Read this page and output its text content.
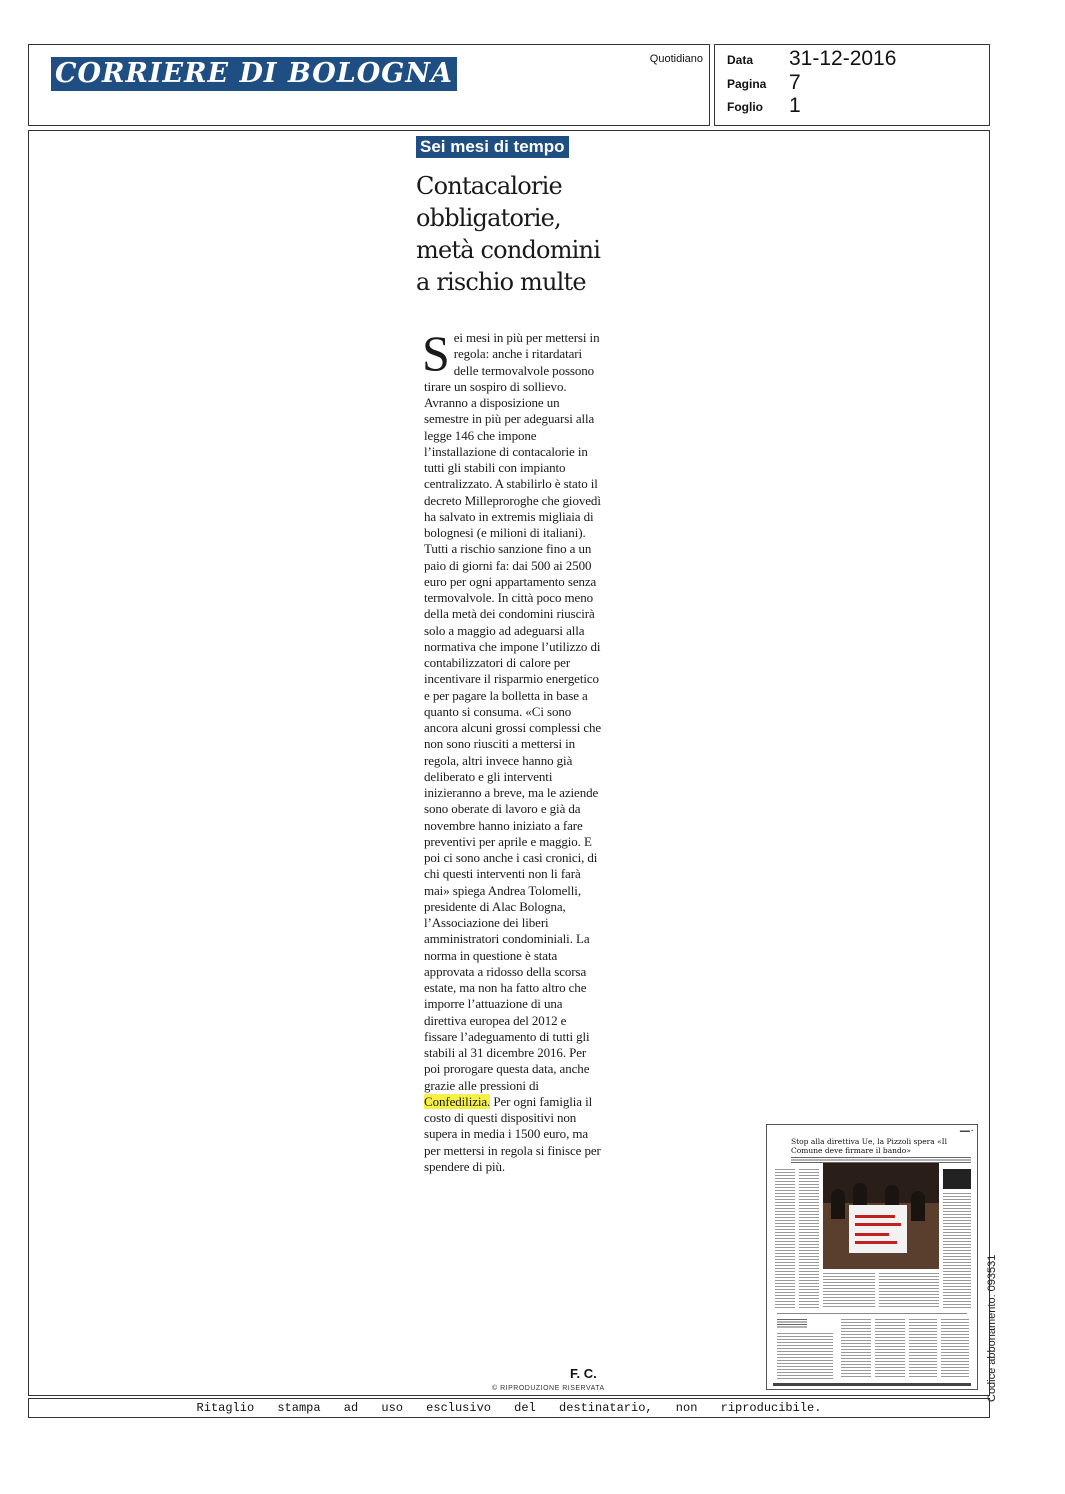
CORRIERE DI BOLOGNA	Quotidiano Data 31-12-2016
Pagina 7
Foglio 1
Sei mesi di tempo
Contacalorie obbligatorie, metà condomini a rischio multe

Sei mesi in più per mettersi in regola: anche i ritardatari delle termovalvole possono tirare un sospiro di sollievo. Avranno a disposizione un semestre in più per adeguarsi alla legge 146 che impone l’installazione di contacalorie in tutti gli stabili con impianto centralizzato. A stabilirlo è stato il decreto Milleproroghe che giovedì ha salvato in extremis migliaia di bolognesi (e milioni di italiani). Tutti a rischio sanzione fino a un paio di giorni fa: dai 500 ai 2500 euro per ogni appartamento senza termovalvole. In città poco meno della metà dei condomini riuscirà solo a maggio ad adeguarsi alla normativa che impone l’utilizzo di contabilizzatori di calore per incentivare il risparmio energetico e per pagare la bolletta in base a quanto si consuma. «Ci sono ancora alcuni grossi complessi che non sono riusciti a mettersi in regola, altri invece hanno già deliberato e gli interventi inizieranno a breve, ma le aziende sono oberate di lavoro e già da novembre hanno iniziato a fare preventivi per aprile e maggio. E poi ci sono anche i casi cronici, di chi questi interventi non li farà mai» spiega Andrea Tolomelli, presidente di Alac Bologna, l’Associazione dei liberi amministratori condominiali. La norma in questione è stata approvata a ridosso della scorsa estate, ma non ha fatto altro che imporre l’attuazione di una direttiva europea del 2012 e fissare l’adeguamento di tutti gli stabili al 31 dicembre 2016. Per poi prorogare questa data, anche grazie alle pressioni di Confedilizia. Per ogni famiglia il costo di questi dispositivi non supera in media i 1500 euro, ma per mettersi in regola si finisce per spendere di più.

F. C.
© RIPRODUZIONE RISERVATA
▬▬ ▪
Stop alla direttiva Ue, la Pizzoli spera «Il Comune deve firmare il bando»
Codice abbonamento: 093531
Ritaglio stampa ad uso esclusivo del destinatario, non riproducibile.
